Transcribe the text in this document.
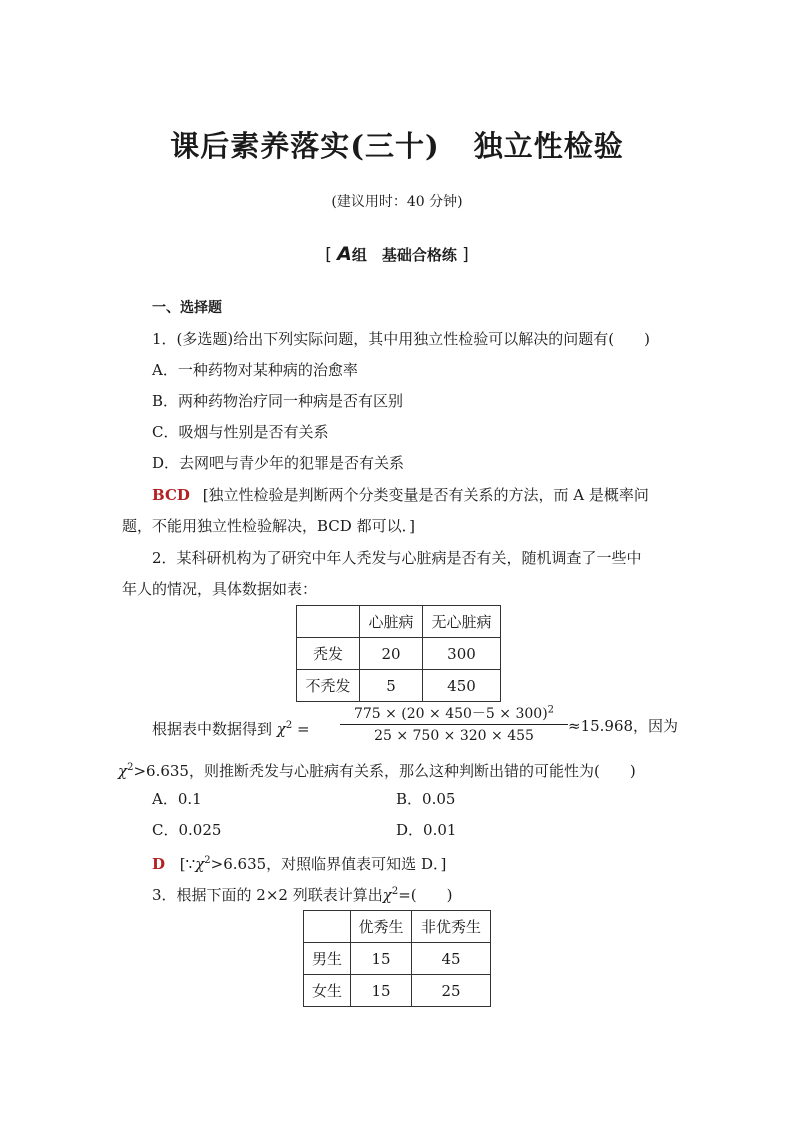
课后素养落实(三十) 独立性检验
(建议用时：40 分钟)
[ A组　基础合格练 ]
一、选择题
1．(多选题)给出下列实际问题，其中用独立性检验可以解决的问题有(　　)
A．一种药物对某种病的治愈率
B．两种药物治疗同一种病是否有区别
C．吸烟与性别是否有关系
D．去网吧与青少年的犯罪是否有关系
BCD [独立性检验是判断两个分类变量是否有关系的方法，而 A 是概率问
题，不能用独立性检验解决，BCD 都可以．]
2．某科研机构为了研究中年人秃发与心脏病是否有关，随机调查了一些中
年人的情况，具体数据如表：
	心脏病	无心脏病
秃发	20	300
不秃发	5	450
根据表中数据得到 $\chi^2$ =
$775 \times (20 \times 450-5 \times 300)^2$
25 × 750 × 320 × 455
≈15.968，因为
$\chi^2>6.635$，则推断秃发与心脏病有关系，那么这种判断出错的可能性为(　　)
A．0.1	B．0.05
C．0.025	D．0.01
D [$\because\chi^2>6.635$，对照临界值表可知选 D．]
3．根据下面的 2×2 列联表计算出$\chi^2=$(　　)
	优秀生	非优秀生
男生	15	45
女生	15	25
